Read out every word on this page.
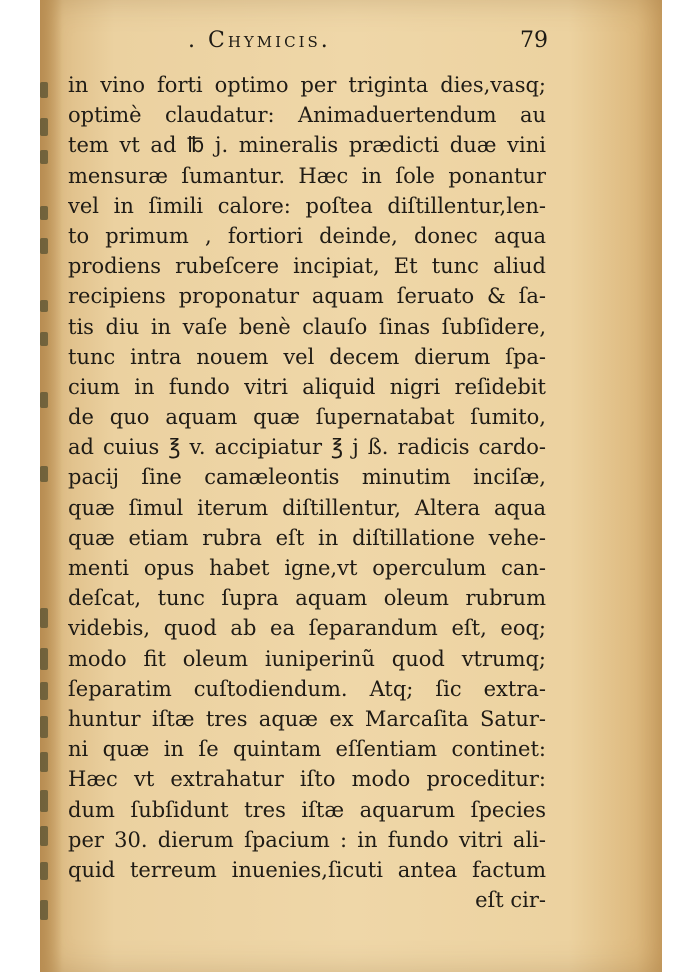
. Chymicis.	79
in vino forti optimo per triginta dies,vasq;
optimè claudatur: Animaduertendum au
tem vt ad ℔ j. mineralis prædicti duæ vini
mensuræ ſumantur. Hæc in ſole ponantur
vel in ſimili calore: poſtea diſtillentur,len-
to primum , fortiori deinde, donec aqua
prodiens rubeſcere incipiat, Et tunc aliud
recipiens proponatur aquam ſeruato & ſa-
tis diu in vaſe benè clauſo ſinas ſubſidere,
tunc intra nouem vel decem dierum ſpa-
cium in fundo vitri aliquid nigri reſidebit
de quo aquam quæ ſupernatabat ſumito,
ad cuius ℥ v. accipiatur ℥ j ß. radicis cardo-
pacij ſine camæleontis minutim inciſæ,
quæ ſimul iterum diſtillentur, Altera aqua
quæ etiam rubra eſt in diſtillatione vehe-
menti opus habet igne,vt operculum can-
deſcat, tunc ſupra aquam oleum rubrum
videbis, quod ab ea ſeparandum eſt, eoq;
modo fit oleum iuniperinũ quod vtrumq;
ſeparatim cuſtodiendum. Atq; ſic extra-
huntur iſtæ tres aquæ ex Marcaſita Satur-
ni quæ in ſe quintam eſſentiam continet:
Hæc vt extrahatur iſto modo proceditur:
dum ſubſidunt tres iſtæ aquarum ſpecies
per 30. dierum ſpacium : in fundo vitri ali-
quid terreum inuenies,ſicuti antea factum
eſt cir-
